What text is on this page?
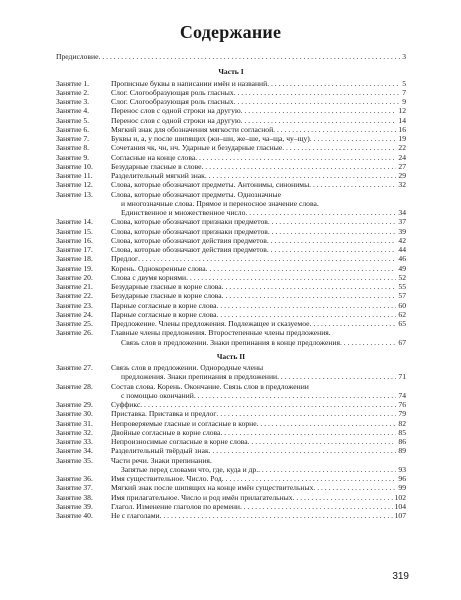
Содержание
Предисловие . . .	3
Часть I
Занятие 1.	Прописные буквы в написании имён и названий . . .	5
Занятие 2.	Слог. Слогообразующая роль гласных . . .	7
Занятие 3.	Слог. Слогообразующая роль гласных . . .	9
Занятие 4.	Перенос слов с одной строки на другую . . .	12
Занятие 5.	Перенос слов с одной строки на другую . . .	14
Занятие 6.	Мягкий знак для обозначения мягкости согласной . . .	16
Занятие 7.	Буквы и, а, у после шипящих (жи–ши, же–ше, ча–ща, чу–щу) . . .	19
Занятие 8.	Сочетания чк, чн, нч. Ударные и безударные гласные . . .	22
Занятие 9.	Согласные на конце слова . . .	24
Занятие 10.	Безударные гласные в слове . . .	27
Занятие 11.	Разделительный мягкий знак . . .	29
Занятие 12.	Слова, которые обозначают предметы. Антонимы, синонимы . . .	32
Занятие 13.	Слова, которые обозначают предметы. Однозначные
и многозначные слова. Прямое и переносное значение слова.
Единственное и множественное число . . .	34
Занятие 14.	Слова, которые обозначают признаки предметов . . .	37
Занятие 15.	Слова, которые обозначают признаки предметов . . .	39
Занятие 16.	Слова, которые обозначают действия предметов . . .	42
Занятие 17.	Слова, которые обозначают действия предметов . . .	44
Занятие 18.	Предлог . . .	46
Занятие 19.	Корень. Однокоренные слова . . .	49
Занятие 20.	Слова с двумя корнями . . .	52
Занятие 21.	Безударные гласные в корне слова . . .	55
Занятие 22.	Безударные гласные в корне слова . . .	57
Занятие 23.	Парные согласные в корне слова . . .	60
Занятие 24.	Парные согласные в корне слова . . .	62
Занятие 25.	Предложение. Члены предложения. Подлежащее и сказуемое . . .	65
Занятие 26.	Главные члены предложения. Второстепенные члены предложения.
Связь слов в предложении. Знаки препинания в конце предложения . . .	67
Часть II
Занятие 27.	Связь слов в предложении. Однородные члены
предложения. Знаки препинания в предложении . . .	71
Занятие 28.	Состав слова. Корень. Окончание. Связь слов в предложении
с помощью окончаний . . .	74
Занятие 29.	Суффикс . . .	76
Занятие 30.	Приставка. Приставка и предлог . . .	79
Занятие 31.	Непроверяемые гласные и согласные в корне . . .	82
Занятие 32.	Двойные согласные в корне слова . . .	85
Занятие 33.	Непроизносимые согласные в корне слова . . .	86
Занятие 34.	Разделительный твёрдый знак . . .	89
Занятие 35.	Части речи. Знаки препинания.
Запятые перед словами что, где, куда и др. . . .	93
Занятие 36.	Имя существительное. Число. Род . . .	96
Занятие 37.	Мягкий знак после шипящих на конце имён существительных . . .	99
Занятие 38.	Имя прилагательное. Число и род имён прилагательных . . .	102
Занятие 39.	Глагол. Изменение глаголов по времени . . .	104
Занятие 40.	Не с глаголами . . .	107
319
